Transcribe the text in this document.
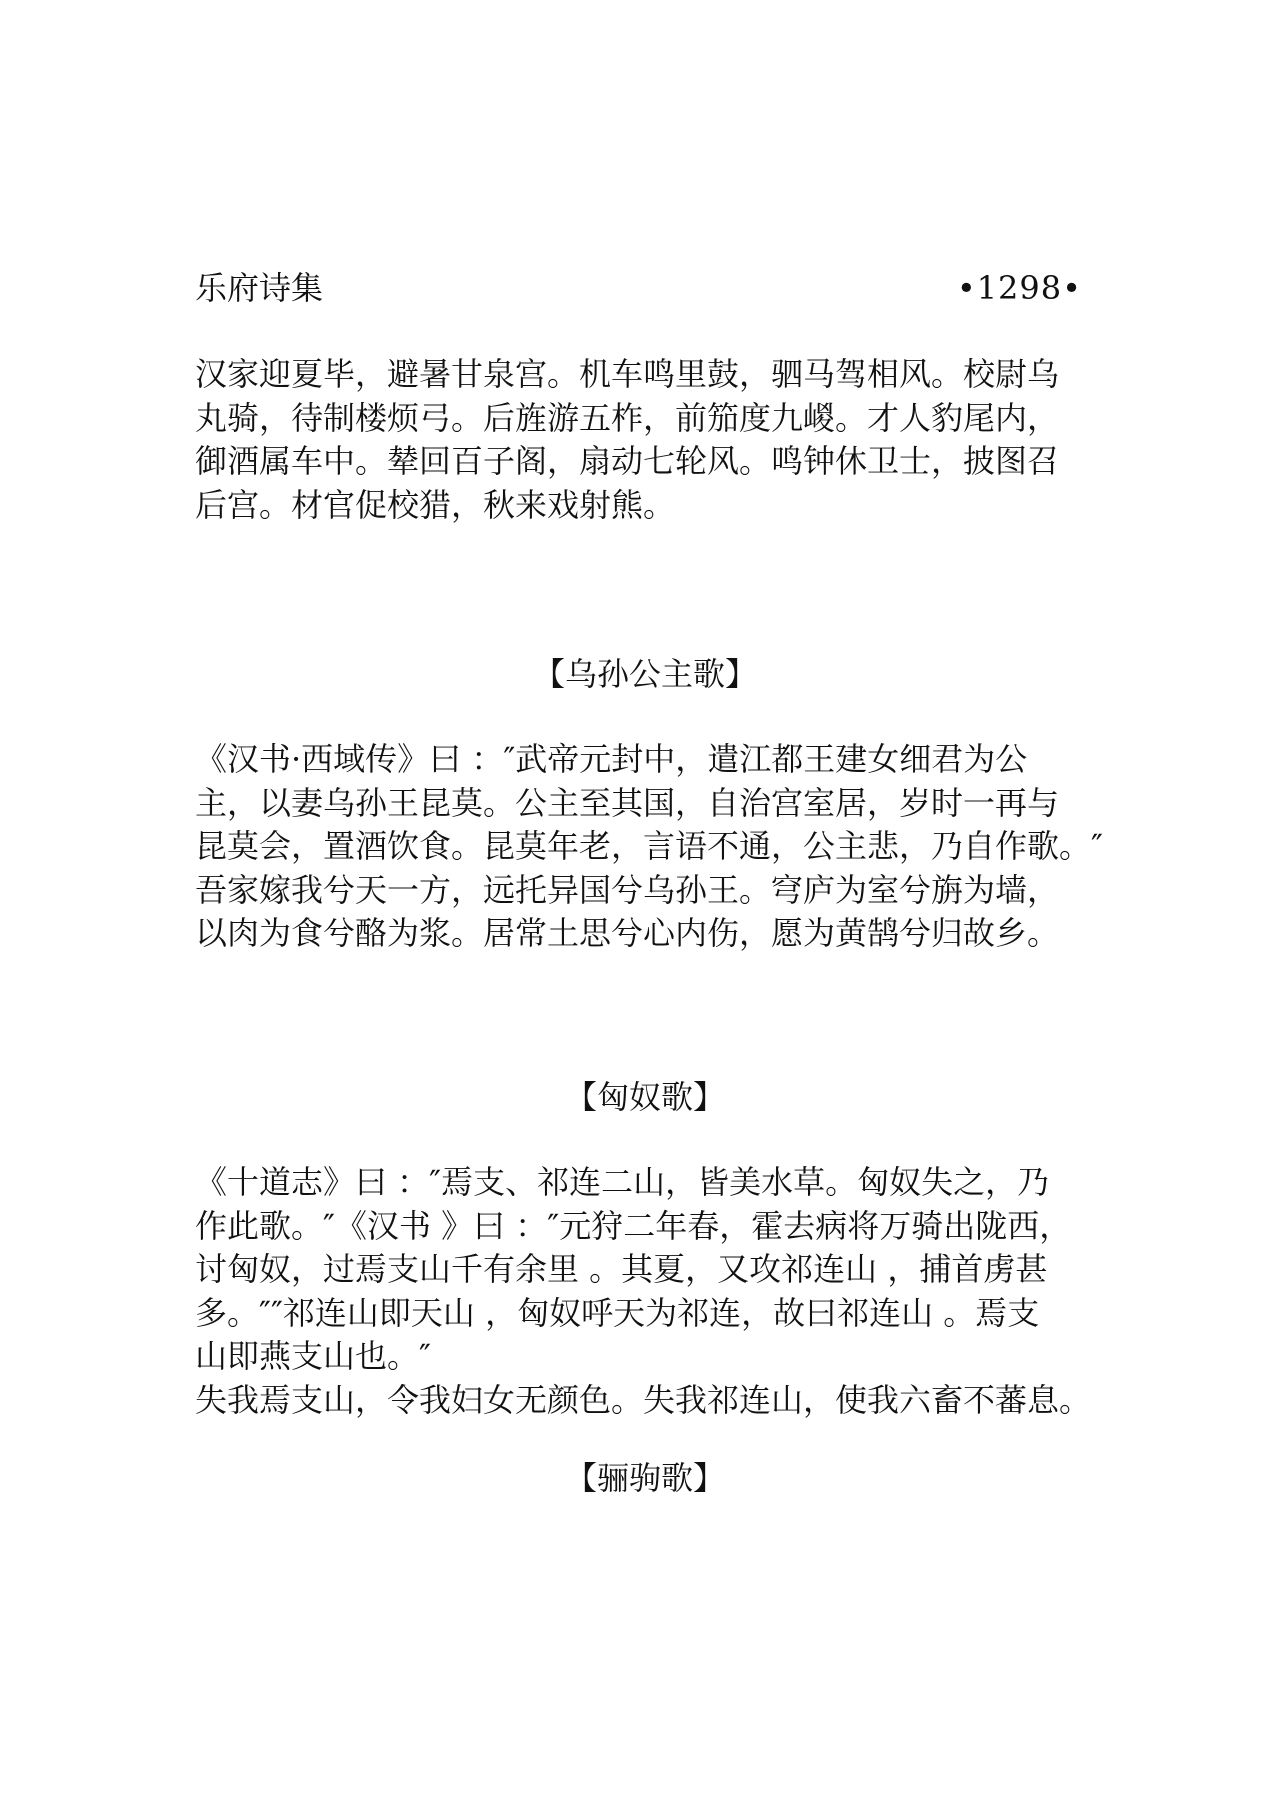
乐府诗集	•1298•
汉家迎夏毕，避暑甘泉宫。机车鸣里鼓，驷马驾相风。校尉乌
丸骑，待制楼烦弓。后旌游五柞，前笳度九嵕。才人豹尾内，
御酒属车中。辇回百子阁，扇动七轮风。鸣钟休卫士，披图召
后宫。材官促校猎，秋来戏射熊。
【乌孙公主歌】
《汉书·西域传》曰 ：″武帝元封中，遣江都王建女细君为公
主，以妻乌孙王昆莫。公主至其国，自治宫室居，岁时一再与
昆莫会，置酒饮食。昆莫年老，言语不通，公主悲，乃自作歌。″
吾家嫁我兮天一方，远托异国兮乌孙王。穹庐为室兮旃为墙，
以肉为食兮酪为浆。居常土思兮心内伤，愿为黄鹄兮归故乡。
【匈奴歌】
《十道志》曰 ：″焉支、祁连二山，皆美水草。匈奴失之，乃
作此歌。″《汉书 》曰 ：″元狩二年春，霍去病将万骑出陇西，
讨匈奴，过焉支山千有余里 。其夏，又攻祁连山 ，捕首虏甚
多。″″祁连山即天山 ，匈奴呼天为祁连，故曰祁连山 。焉支
山即燕支山也。″
失我焉支山，令我妇女无颜色。失我祁连山，使我六畜不蕃息。
【骊驹歌】
